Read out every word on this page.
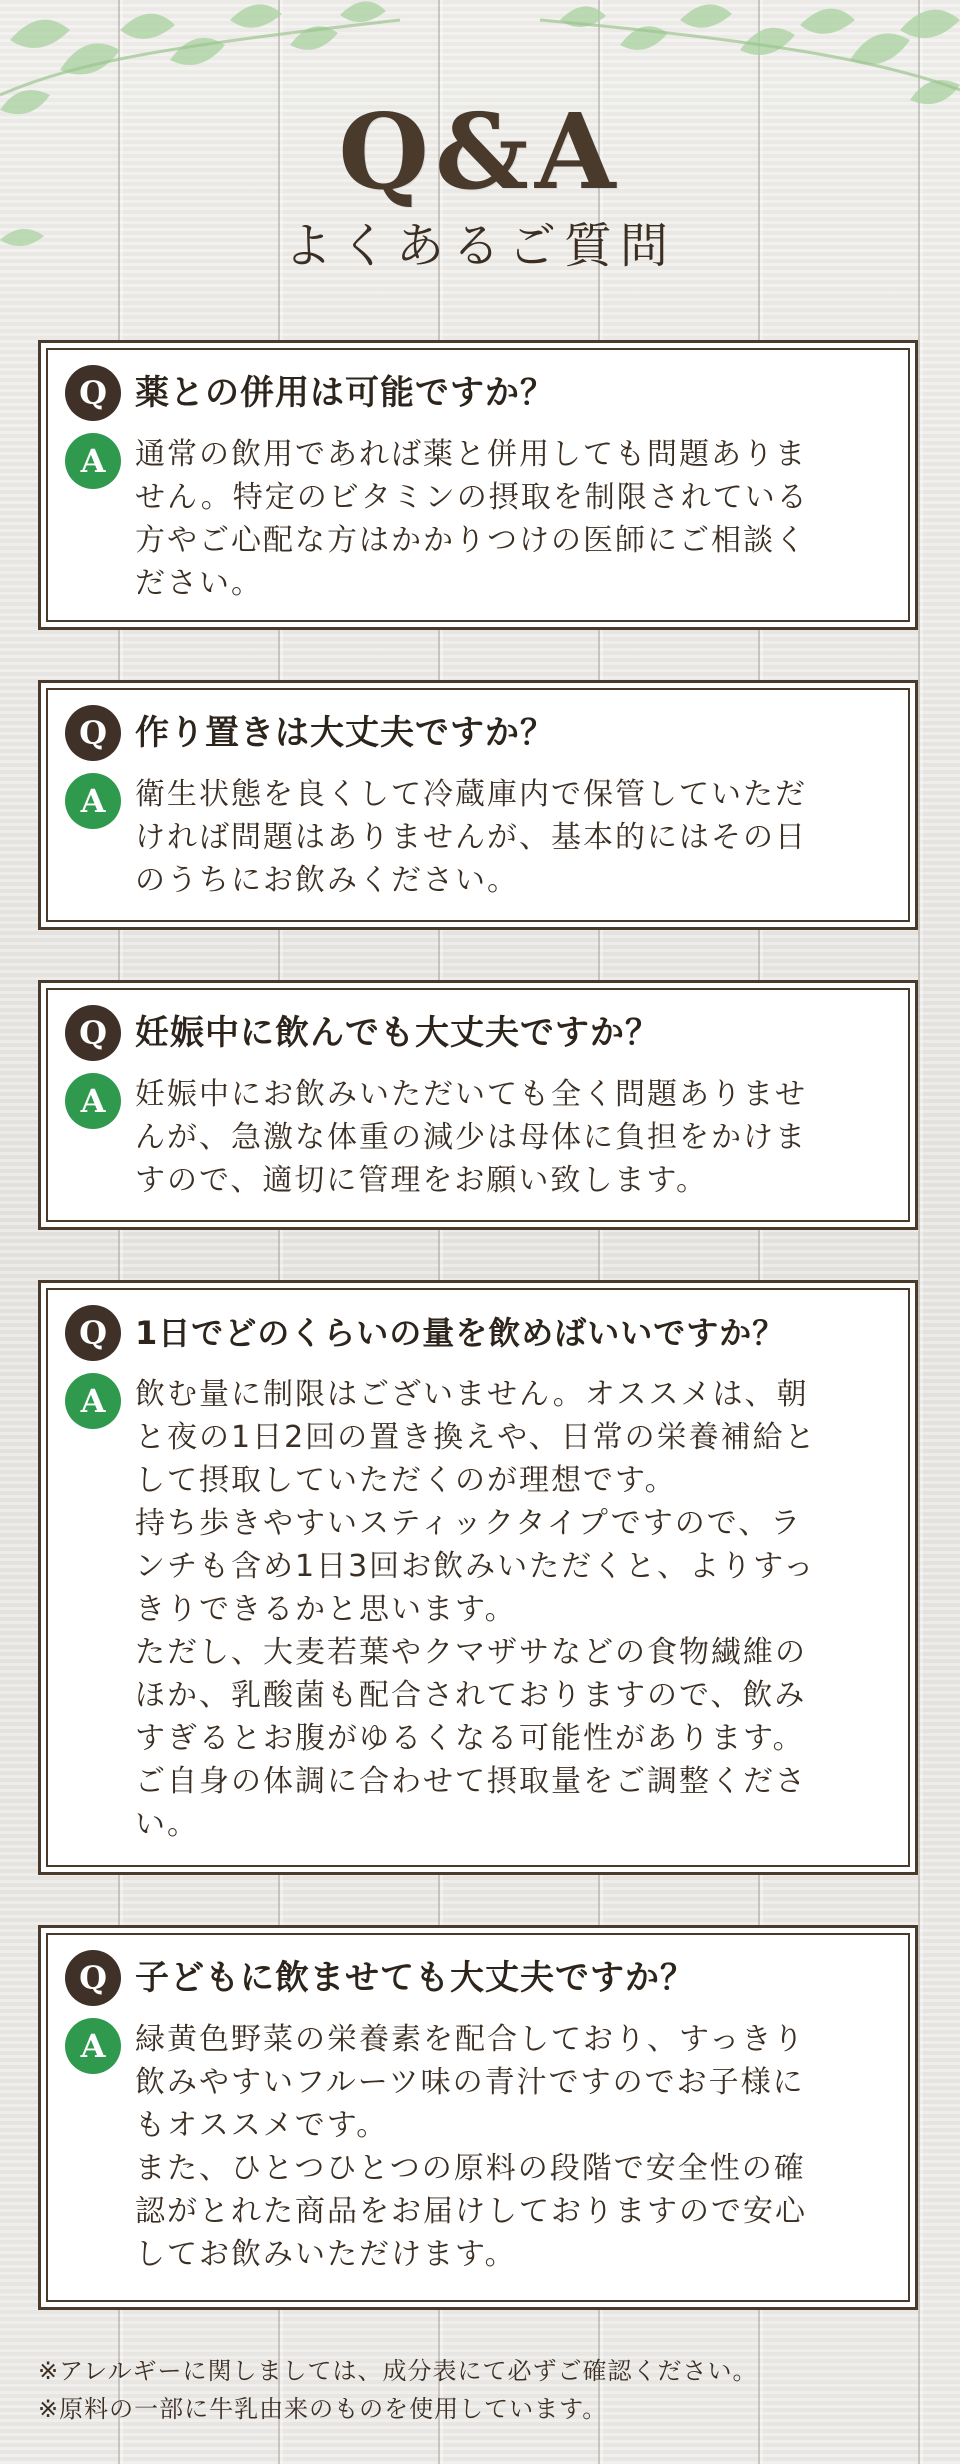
Q&A
よくあるご質問
Q 薬との併用は可能ですか？
A 通常の飲用であれば薬と併用しても問題ありま

せん。特定のビタミンの摂取を制限されている

方やご心配な方はかかりつけの医師にご相談く

ださい。

Q 作り置きは大丈夫ですか？
A 衛生状態を良くして冷蔵庫内で保管していただ

ければ問題はありませんが、基本的にはその日

のうちにお飲みください。

Q 妊娠中に飲んでも大丈夫ですか？
A 妊娠中にお飲みいただいても全く問題ありませ

んが、急激な体重の減少は母体に負担をかけま

すので、適切に管理をお願い致します。

Q 1日でどのくらいの量を飲めばいいですか？
A 飲む量に制限はございません。オススメは、朝

と夜の1日2回の置き換えや、日常の栄養補給と

して摂取していただくのが理想です。

持ち歩きやすいスティックタイプですので、ラ

ンチも含め1日3回お飲みいただくと、よりすっ

きりできるかと思います。

ただし、大麦若葉やクマザサなどの食物繊維の

ほか、乳酸菌も配合されておりますので、飲み

すぎるとお腹がゆるくなる可能性があります。

ご自身の体調に合わせて摂取量をご調整くださ

い。

Q 子どもに飲ませても大丈夫ですか？
A 緑黄色野菜の栄養素を配合しており、すっきり

飲みやすいフルーツ味の青汁ですのでお子様に

もオススメです。

また、ひとつひとつの原料の段階で安全性の確

認がとれた商品をお届けしておりますので安心

してお飲みいただけます。

※アレルギーに関しましては、成分表にて必ずご確認ください。
※原料の一部に牛乳由来のものを使用しています。
